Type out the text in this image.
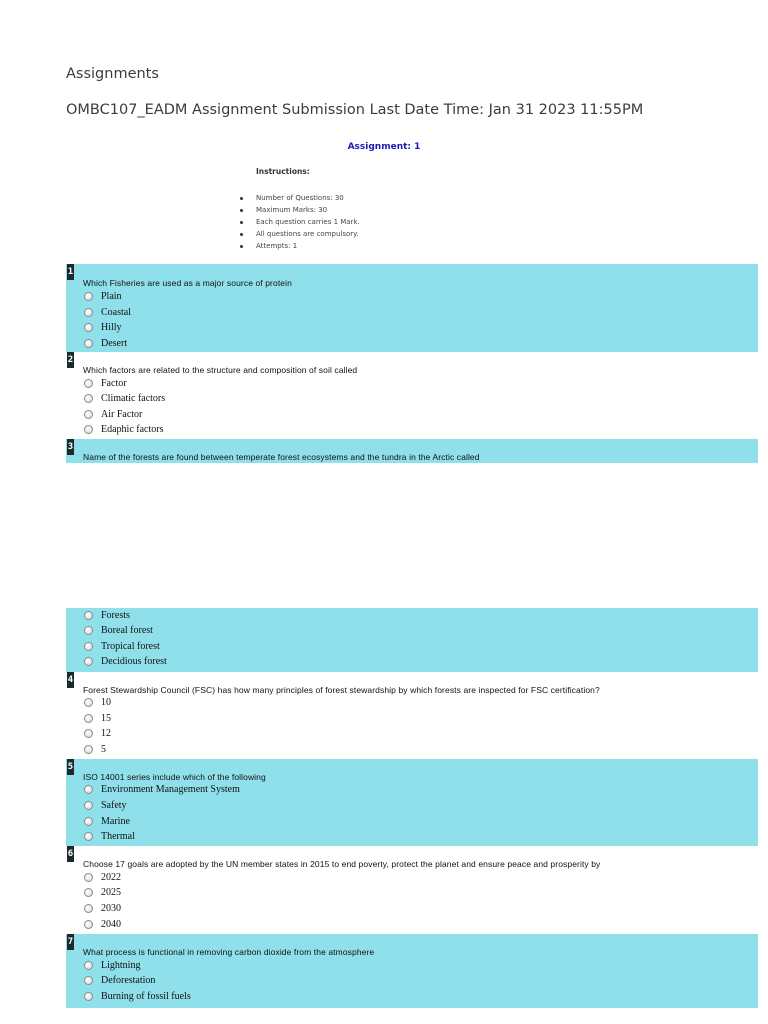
Assignments
OMBC107_EADM Assignment Submission Last Date Time: Jan 31 2023 11:55PM
Assignment: 1
Instructions:
Number of Questions: 30
Maximum Marks: 30
Each question carries 1 Mark.
All questions are compulsory.
Attempts: 1
1
Which Fisheries are used as a major source of protein
Plain
Coastal
Hilly
Desert
2
Which factors are related to the structure and composition of soil called
Factor
Climatic factors
Air Factor
Edaphic factors
3
Name of the forests are found between temperate forest ecosystems and the tundra in the Arctic called
Forests
Boreal forest
Tropical forest
Decidious forest
4
Forest Stewardship Council (FSC) has how many principles of forest stewardship by which forests are inspected for FSC certification?
10
15
12
5
5
ISO 14001 series include which of the following
Environment Management System
Safety
Marine
Thermal
6
Choose 17 goals are adopted by the UN member states in 2015 to end poverty, protect the planet and ensure peace and prosperity by
2022
2025
2030
2040
7
What process is functional in removing carbon dioxide from the atmosphere
Lightning
Deforestation
Burning of fossil fuels
